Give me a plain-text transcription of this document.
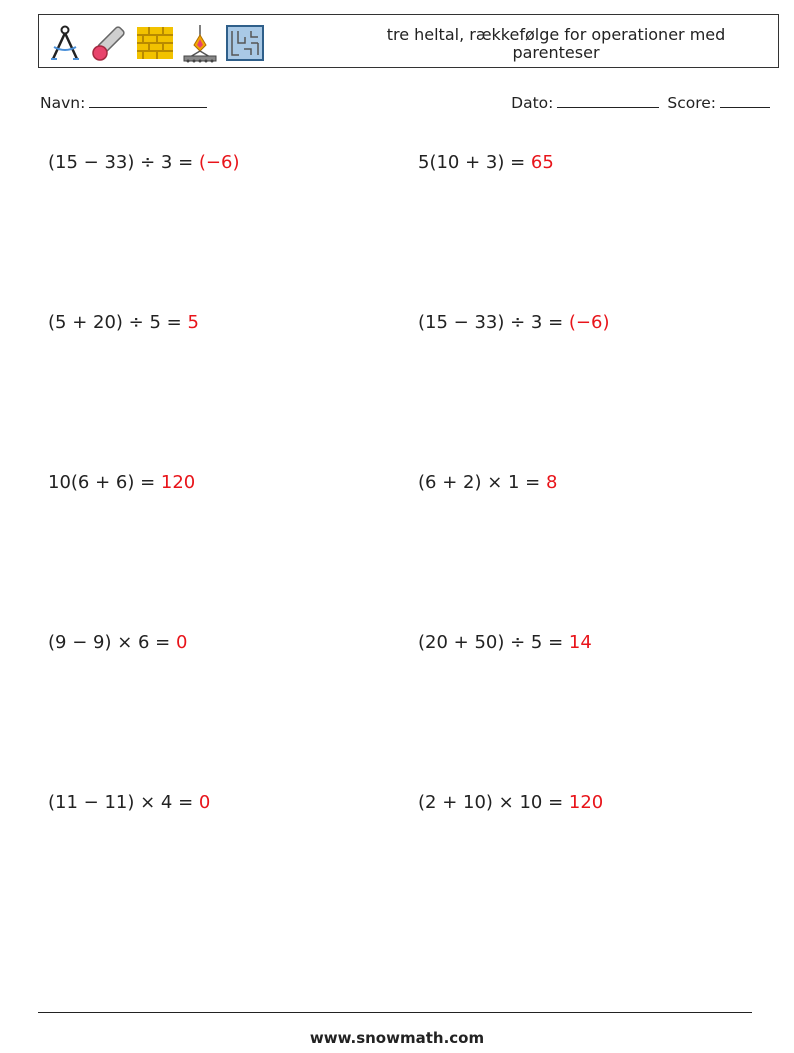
tre heltal, rækkefølge for operationer med parenteser
Navn:	Dato:	Score:
(15 − 33) ÷ 3 = (−6)	5(10 + 3) = 65
(5 + 20) ÷ 5 = 5	(15 − 33) ÷ 3 = (−6)
10(6 + 6) = 120	(6 + 2) × 1 = 8
(9 − 9) × 6 = 0	(20 + 50) ÷ 5 = 14
(11 − 11) × 4 = 0	(2 + 10) × 10 = 120
www.snowmath.com
